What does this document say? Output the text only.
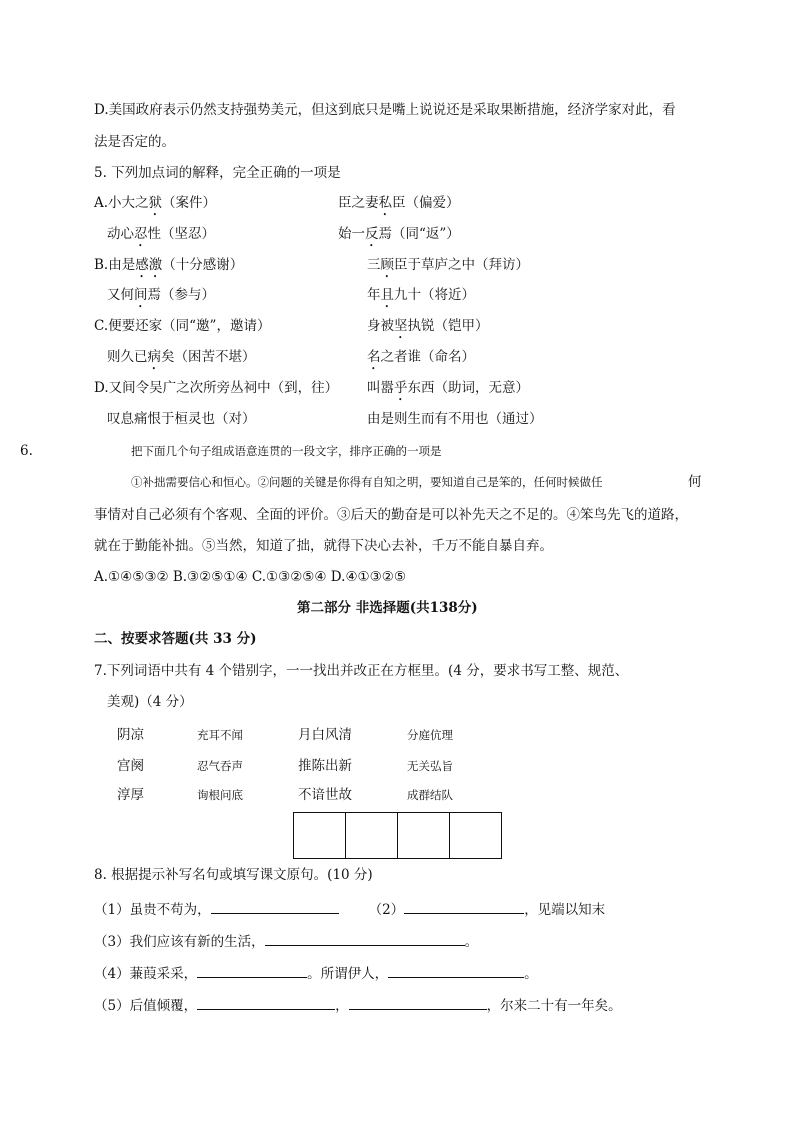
D.美国政府表示仍然支持强势美元，但这到底只是嘴上说说还是采取果断措施，经济学家对此，看
法是否定的。
5. 下列加点词的解释，完全正确的一项是
A.小大之狱（案件）	臣之妻私臣（偏爱）
动心忍性（坚忍）	始一反焉（同“返”）
B.由是感激（十分感谢）	三顾臣于草庐之中（拜访）
又何间焉（参与）	年且九十（将近）
C.便要还家（同“邀”，邀请）	身被坚执锐（铠甲）
则久已病矣（困苦不堪）	名之者谁（命名）
D.又间令吴广之次所旁丛祠中（到，往） 叫嚣乎东西（助词，无意）
叹息痛恨于桓灵也（对）	由是则生而有不用也（通过）
6.	把下面几个句子组成语意连贯的一段文字，排序正确的一项是
①补拙需要信心和恒心。②问题的关键是你得有自知之明，要知道自己是笨的，任何时候做任	何
事情对自己必须有个客观、全面的评价。③后天的勤奋是可以补先天之不足的。④笨鸟先飞的道路，
就在于勤能补拙。⑤当然，知道了拙，就得下决心去补，千万不能自暴自弃。
A.①④⑤③② B.③②⑤①④ C.①③②⑤④ D.④①③②⑤
第二部分 非选择题(共138分)
二、按要求答题(共 33 分)
7.下列词语中共有 4 个错别字，一一找出并改正在方框里。(4 分，要求书写工整、规范、
美观)（4 分）
阴凉	充耳不闻	月白风清	分庭伉理
宫阕	忍气吞声	推陈出新	无关弘旨
淳厚	询根问底	不谙世故	成群结队
8. 根据提示补写名句或填写课文原句。(10 分)
（1）虽贵不苟为，	（2）	，见端以知末
（3）我们应该有新的生活，	。
（4）蒹葭采采，	。所谓伊人，	。
（5）后值倾覆，	，	，尔来二十有一年矣。
